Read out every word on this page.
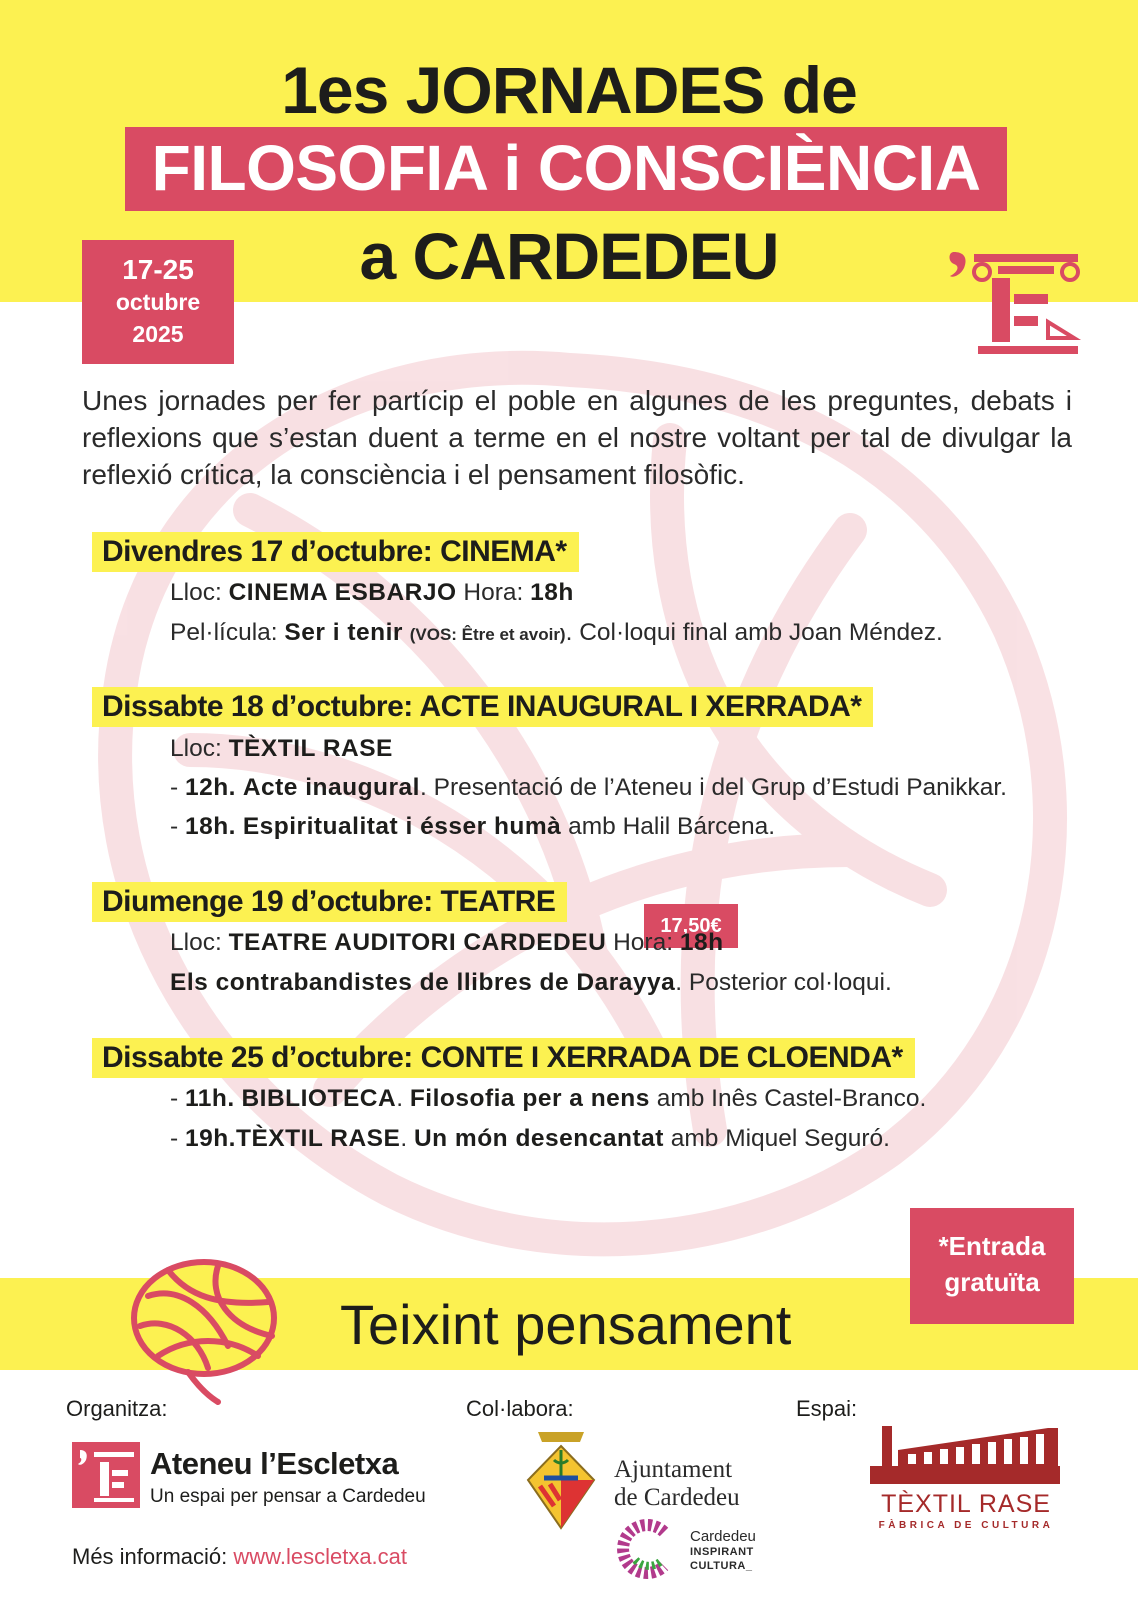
1es JORNADES de
FILOSOFIA i CONSCIÈNCIA
a CARDEDEU
17-25
octubre
2025
Unes jornades per fer partícip el poble en algunes de les preguntes, debats i reflexions que s’estan duent a terme en el nostre voltant per tal de divulgar la reflexió crítica, la consciència i el pensament filosòfic.
Divendres 17 d’octubre: CINEMA*
Lloc: CINEMA ESBARJO Hora: 18h
Pel·lícula: Ser i tenir (VOS: Être et avoir). Col·loqui final amb Joan Méndez.
Dissabte 18 d’octubre: ACTE INAUGURAL I XERRADA*
Lloc: TÈXTIL RASE
- 12h. Acte inaugural. Presentació de l’Ateneu i del Grup d’Estudi Panikkar.
- 18h. Espiritualitat i ésser humà amb Halil Bárcena.
Diumenge 19 d’octubre: TEATRE
17,50€
Lloc: TEATRE AUDITORI CARDEDEU Hora: 18h
Els contrabandistes de llibres de Darayya. Posterior col·loqui.
Dissabte 25 d’octubre: CONTE I XERRADA DE CLOENDA*
- 11h. BIBLIOTECA. Filosofia per a nens amb Inês Castel-Branco.
- 19h.TÈXTIL RASE. Un món desencantat amb Miquel Seguró.
*Entrada
gratuïta
Teixint pensament
Organitza:	Col·labora:	Espai:
Ateneu l’Escletxa
Un espai per pensar a Cardedeu
Ajuntament
de Cardedeu
Cardedeu
INSPIRANT
CULTURA_
TÈXTIL RASE
FÀBRICA DE CULTURA
Més informació: www.lescletxa.cat
